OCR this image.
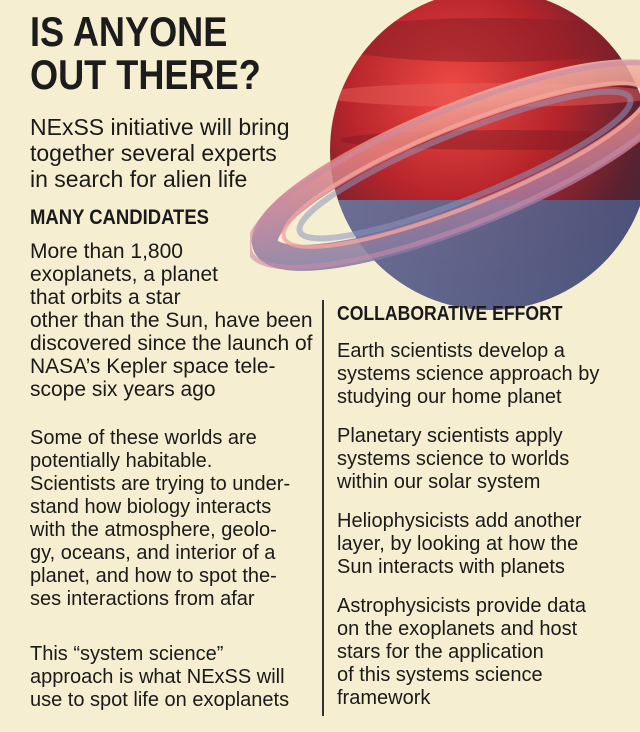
IS ANYONE
OUT THERE?

NExSS initiative will bring
together several experts
in search for alien life

MANY CANDIDATES

More than 1,800
exoplanets, a planet
that orbits a star
other than the Sun, have been
discovered since the launch of
NASA’s Kepler space tele-
scope six years ago

Some of these worlds are
potentially habitable.
Scientists are trying to under-
stand how biology interacts
with the atmosphere, geolo-
gy, oceans, and interior of a
planet, and how to spot the-
ses interactions from afar

This “system science”
approach is what NExSS will
use to spot life on exoplanets

COLLABORATIVE EFFORT

Earth scientists develop a
systems science approach by
studying our home planet

Planetary scientists apply
systems science to worlds
within our solar system

Heliophysicists add another
layer, by looking at how the
Sun interacts with planets

Astrophysicists provide data
on the exoplanets and host
stars for the application
of this systems science
framework
